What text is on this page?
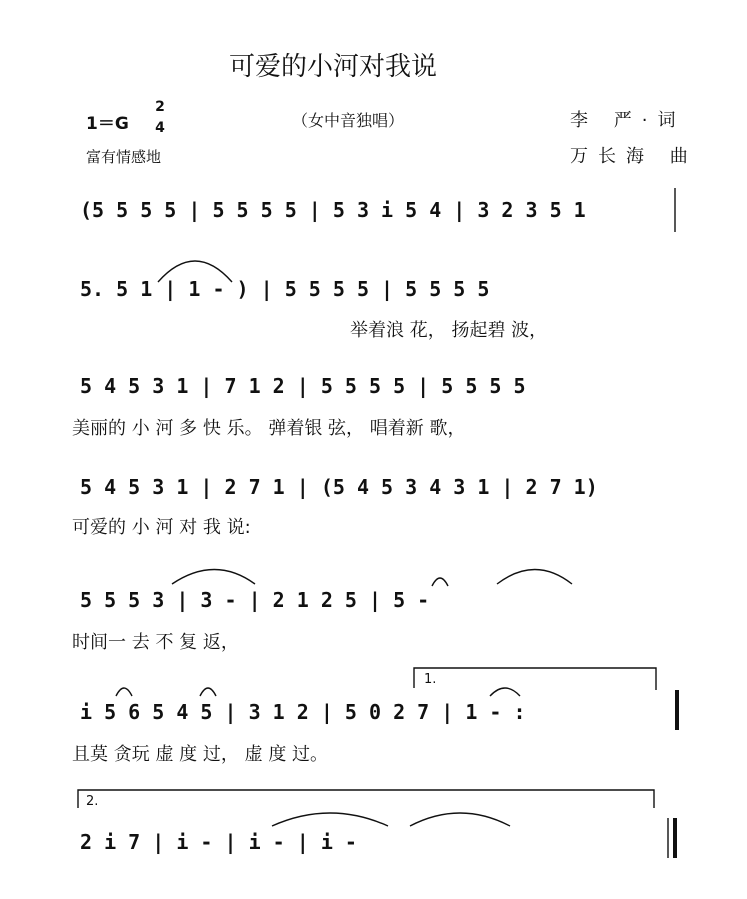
可爱的小河对我说
1＝G
2
4	（女中音独唱）	李 严·词
富有情感地	万长海 曲
(5 5 5 5 | 5 5 5 5 | 5 3 i 5 4 | 3 2 3 5 1
5. 5 1 | 1 - ) | 5 5 5 5 | 5 5 5 5
举着浪 花， 扬起碧 波，
5 4 5 3 1 | 7 1 2 | 5 5 5 5 | 5 5 5 5
美丽的 小 河 多 快 乐。 弹着银 弦， 唱着新 歌，
5 4 5 3 1 | 2 7 1 | (5 4 5 3 4 3 1 | 2 7 1)
可爱的 小 河 对 我 说:
5 5 5 3 | 3 - | 2 1 2 5 | 5 -
时间一 去 不 复 返，
1.
i 5 6 5 4 5 | 3 1 2 | 5 0 2 7 | 1 - :
且莫 贪玩 虚 度 过， 虚 度 过。
2.
2 i 7 | i - | i - | i -
